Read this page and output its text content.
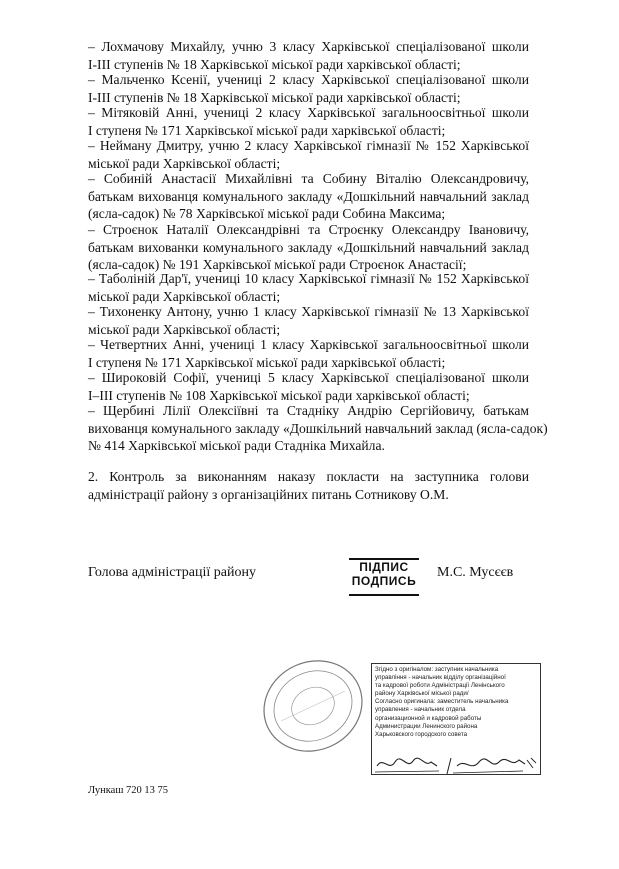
– Лохмачову Михайлу, учню 3 класу Харківської спеціалізованої школи
І-ІІІ ступенів № 18 Харківської міської ради харківської області;
– Мальченко Ксенії, учениці 2 класу Харківської спеціалізованої школи
І-ІІІ ступенів № 18 Харківської міської ради харківської області;
– Мітяковій Анні, учениці 2 класу Харківської загальноосвітньої школи
І ступеня № 171 Харківської міської ради харківської області;
– Нейману Дмитру, учню 2 класу Харківської гімназії № 152 Харківської
міської ради Харківської області;
– Собиній Анастасії Михайлівні та Собину Віталію Олександровичу,
батькам вихованця комунального закладу «Дошкільний навчальний заклад
(ясла-садок) № 78 Харківської міської ради Собина Максима;
– Строєнок Наталії Олександрівні та Строєнку Олександру Івановичу,
батькам вихованки комунального закладу «Дошкільний навчальний заклад
(ясла-садок) № 191 Харківської міської ради Строєнок Анастасії;
– Таболіній Дар'ї, учениці 10 класу Харківської гімназії № 152 Харківської
міської ради Харківської області;
– Тихоненку Антону, учню 1 класу Харківської гімназії № 13 Харківської
міської ради Харківської області;
– Четвертних Анні, учениці 1 класу Харківської загальноосвітньої школи
І ступеня № 171 Харківської міської ради харківської області;
– Широковій Софії, учениці 5 класу Харківської спеціалізованої школи
І–ІІІ ступенів № 108 Харківської міської ради харківської області;
– Щербині Лілії Олексіївні та Стадніку Андрію Сергійовичу, батькам
вихованця комунального закладу «Дошкільний навчальний заклад (ясла-садок)
№ 414 Харківської міської ради Стадніка Михайла.
2. Контроль за виконанням наказу покласти на заступника голови
адміністрації району з організаційних питань Сотникову О.М.
Голова адміністрації району	ПІДПИС
ПОДПИСЬ
М.С. Мусєєв
Згідно з оригіналом: заступник начальника
управління - начальник відділу організаційної
та кадрової роботи Адміністрації Ленінського
району Харківської міської ради/
Согласно оригинала: заместитель начальника
управления - начальник отдела
организационной и кадровой работы
Администрации Ленинского района
Харьковского городского совета
Лункаш 720 13 75
